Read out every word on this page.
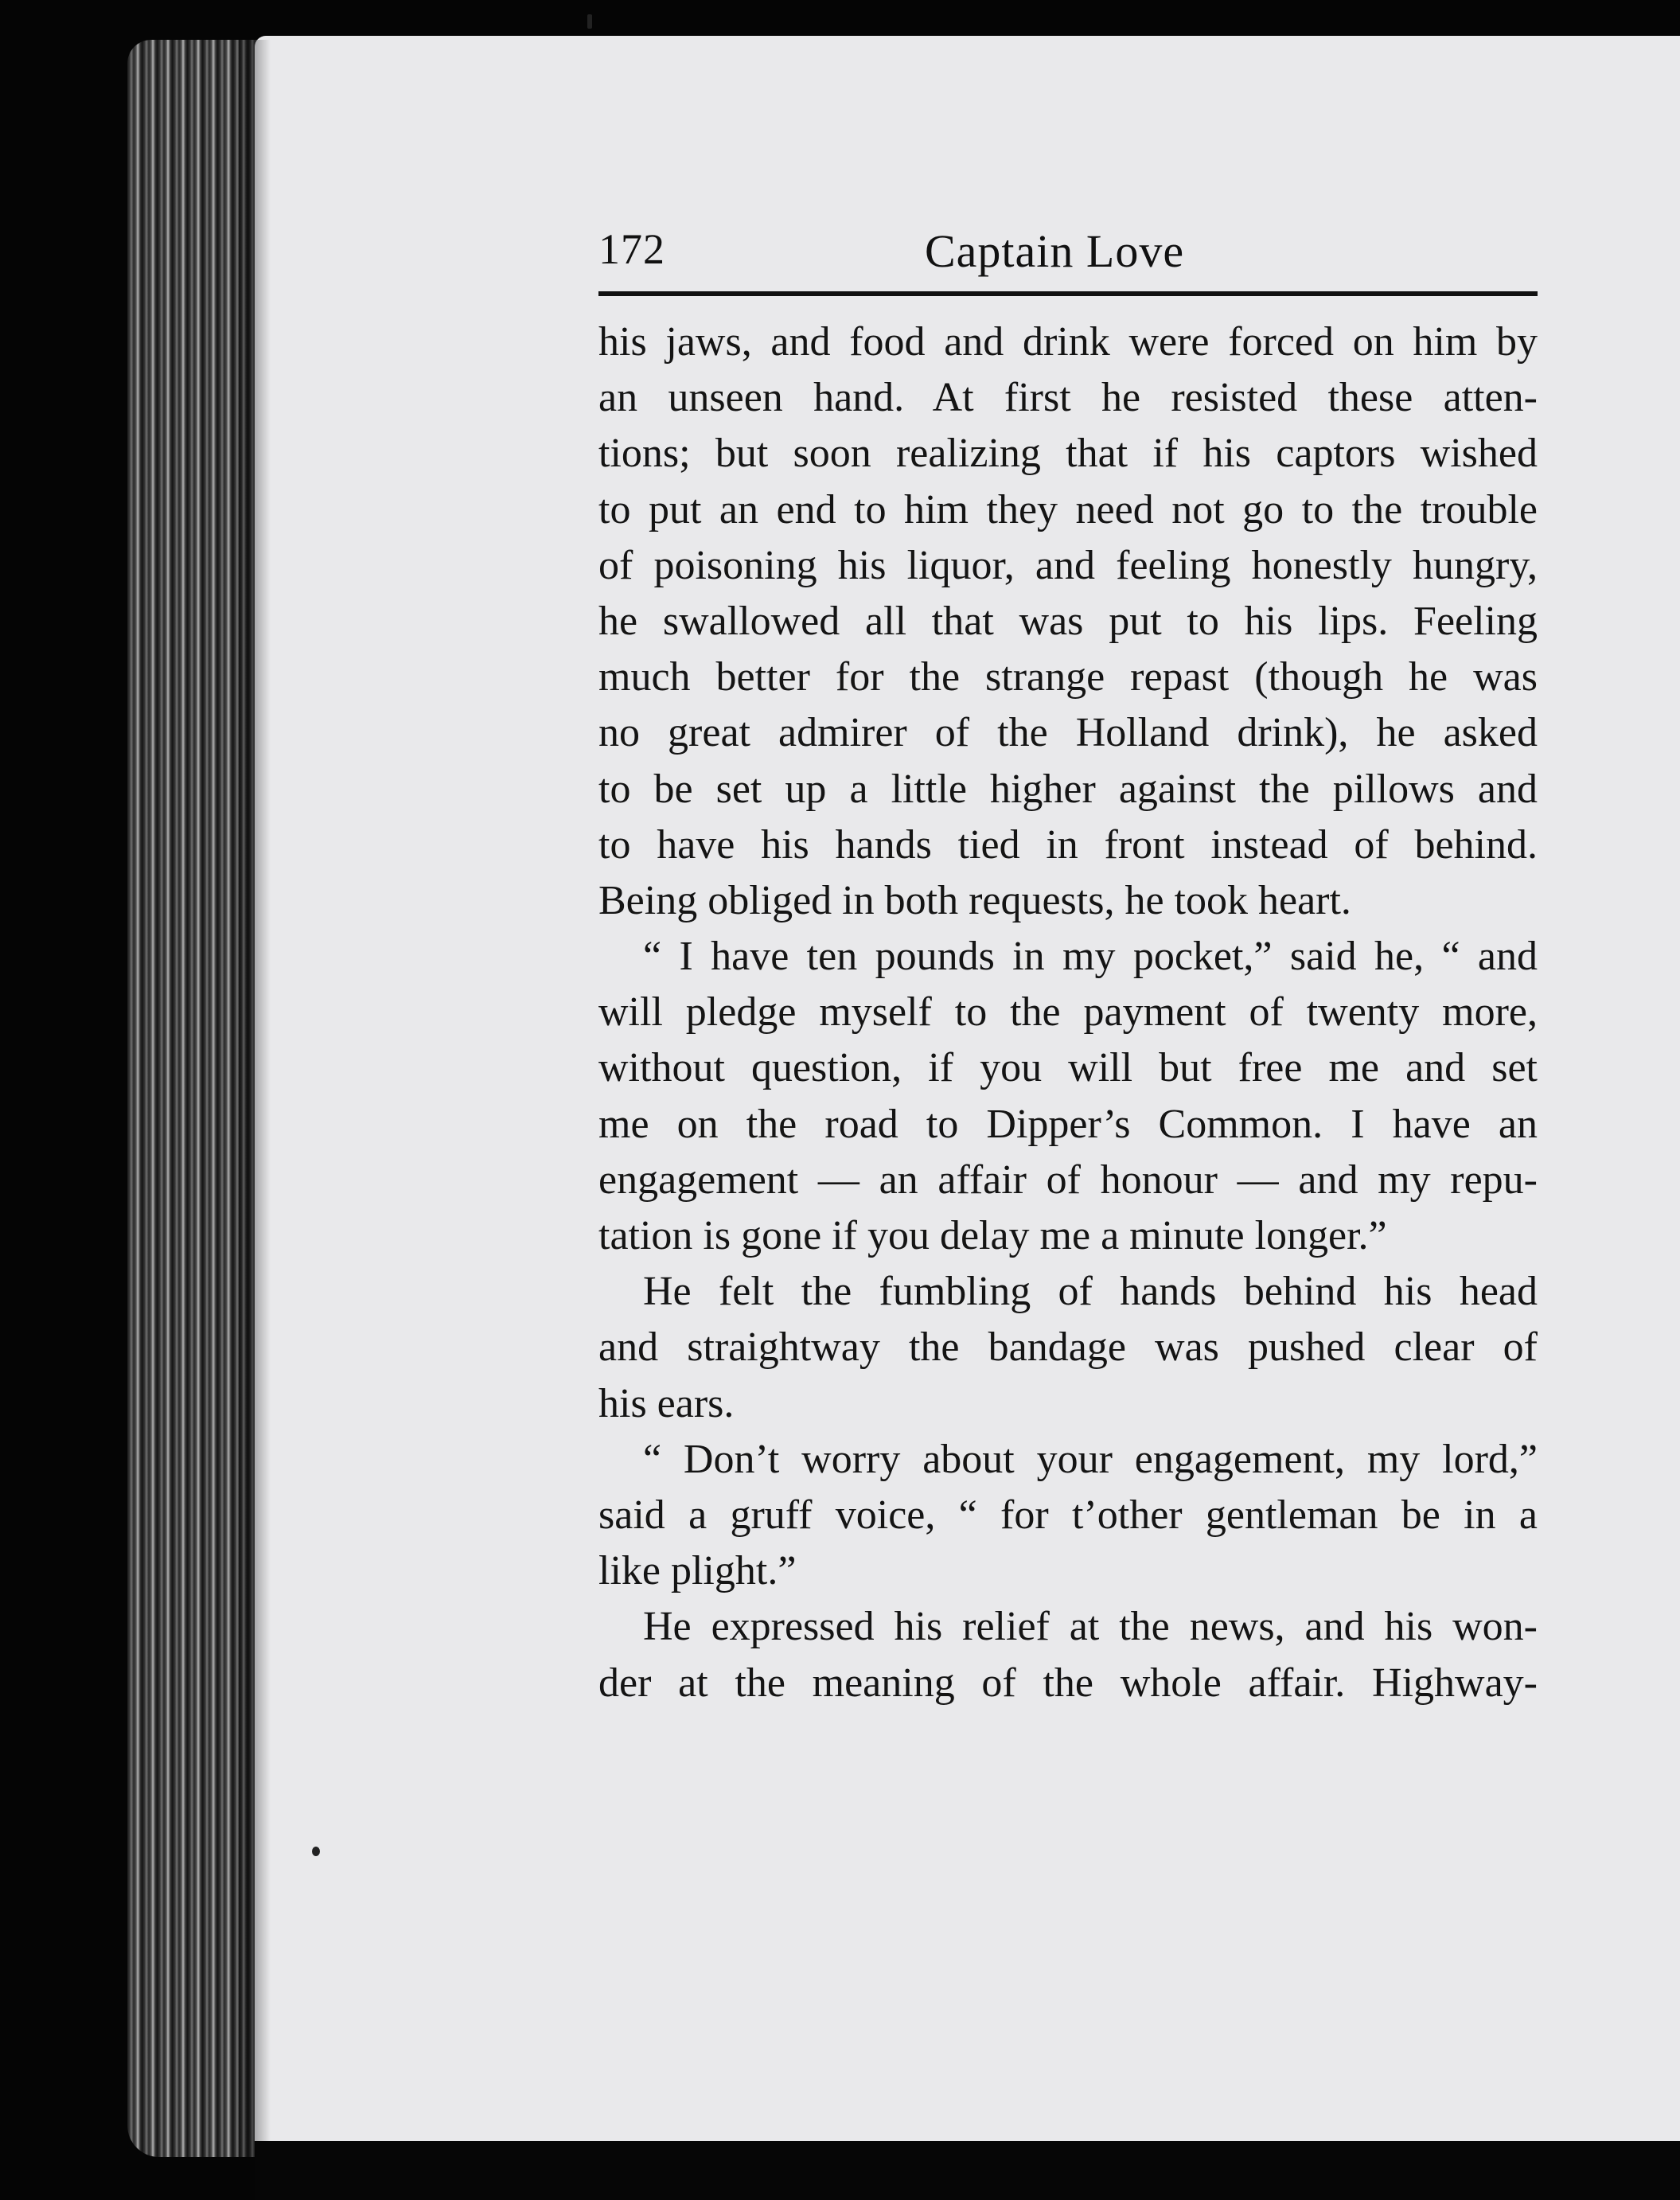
172	Captain Love
his jaws, and food and drink were forced on him by
an unseen hand. At first he resisted these atten-
tions; but soon realizing that if his captors wished
to put an end to him they need not go to the trouble
of poisoning his liquor, and feeling honestly hungry,
he swallowed all that was put to his lips. Feeling
much better for the strange repast (though he was
no great admirer of the Holland drink), he asked
to be set up a little higher against the pillows and
to have his hands tied in front instead of behind.
Being obliged in both requests, he took heart.
“ I have ten pounds in my pocket,” said he, “ and
will pledge myself to the payment of twenty more,
without question, if you will but free me and set
me on the road to Dipper’s Common. I have an
engagement — an affair of honour — and my repu-
tation is gone if you delay me a minute longer.”
He felt the fumbling of hands behind his head
and straightway the bandage was pushed clear of
his ears.
“ Don’t worry about your engagement, my lord,”
said a gruff voice, “ for t’other gentleman be in a
like plight.”
He expressed his relief at the news, and his won-
der at the meaning of the whole affair. Highway-
